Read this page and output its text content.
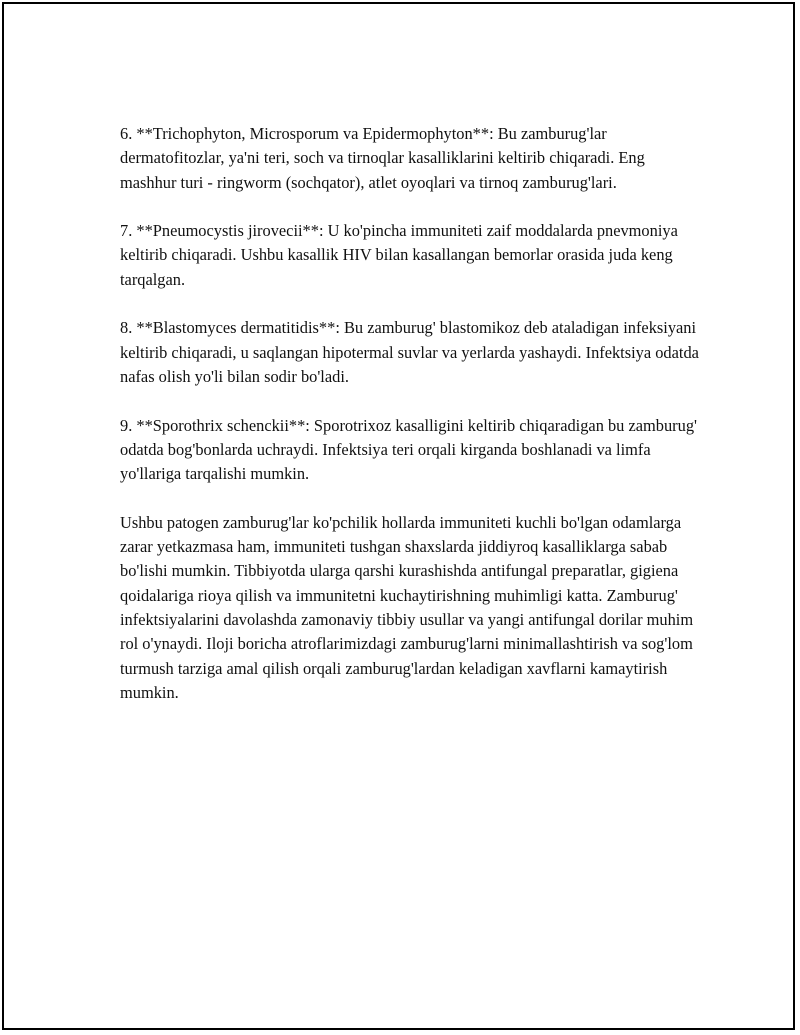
6. **Trichophyton, Microsporum va Epidermophyton**: Bu zamburug'lar dermatofitozlar, ya'ni teri, soch va tirnoqlar kasalliklarini keltirib chiqaradi. Eng mashhur turi - ringworm (sochqator), atlet oyoqlari va tirnoq zamburug'lari.

7. **Pneumocystis jirovecii**: U ko'pincha immuniteti zaif moddalarda pnevmoniya keltirib chiqaradi. Ushbu kasallik HIV bilan kasallangan bemorlar orasida juda keng tarqalgan.

8. **Blastomyces dermatitidis**: Bu zamburug' blastomikoz deb ataladigan infeksiyani keltirib chiqaradi, u saqlangan hipotermal suvlar va yerlarda yashaydi. Infektsiya odatda nafas olish yo'li bilan sodir bo'ladi.

9. **Sporothrix schenckii**: Sporotrixoz kasalligini keltirib chiqaradigan bu zamburug' odatda bog'bonlarda uchraydi. Infektsiya teri orqali kirganda boshlanadi va limfa yo'llariga tarqalishi mumkin.

Ushbu patogen zamburug'lar ko'pchilik hollarda immuniteti kuchli bo'lgan odamlarga zarar yetkazmasa ham, immuniteti tushgan shaxslarda jiddiyroq kasalliklarga sabab bo'lishi mumkin. Tibbiyotda ularga qarshi kurashishda antifungal preparatlar, gigiena qoidalariga rioya qilish va immunitetni kuchaytirishning muhimligi katta. Zamburug' infektsiyalarini davolashda zamonaviy tibbiy usullar va yangi antifungal dorilar muhim rol o'ynaydi. Iloji boricha atroflarimizdagi zamburug'larni minimallashtirish va sog'lom turmush tarziga amal qilish orqali zamburug'lardan keladigan xavflarni kamaytirish mumkin.
